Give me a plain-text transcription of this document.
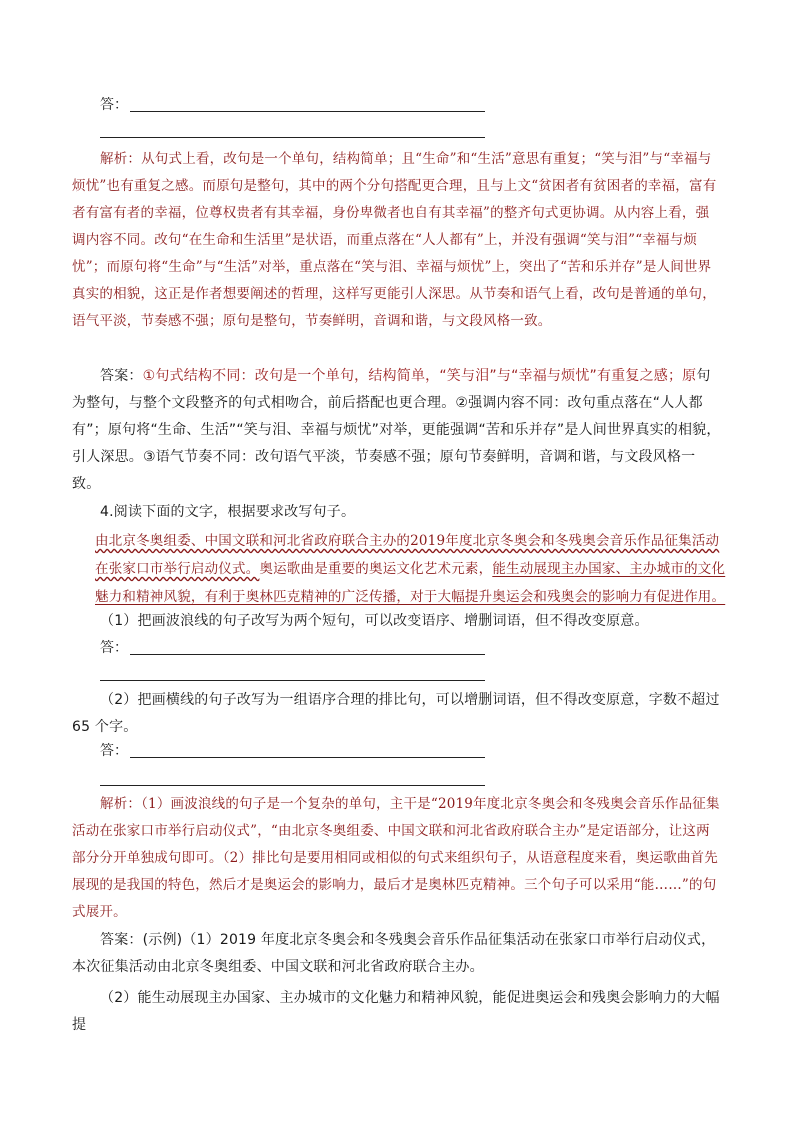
答：
解析：从句式上看，改句是一个单句，结构简单；且“生命”和“生活”意思有重复；“笑与泪”与“幸福与烦忧”也有重复之感。而原句是整句，其中的两个分句搭配更合理，且与上文“贫困者有贫困者的幸福，富有者有富有者的幸福，位尊权贵者有其幸福，身份卑微者也自有其幸福”的整齐句式更协调。从内容上看，强调内容不同。改句“在生命和生活里”是状语，而重点落在“人人都有”上，并没有强调“笑与泪”“幸福与烦忧”；而原句将“生命”与“生活”对举，重点落在“笑与泪、幸福与烦忧”上，突出了“苦和乐并存”是人间世界真实的相貌，这正是作者想要阐述的哲理，这样写更能引人深思。从节奏和语气上看，改句是普通的单句，语气平淡，节奏感不强；原句是整句，节奏鲜明，音调和谐，与文段风格一致。
答案：①句式结构不同：改句是一个单句，结构简单，“笑与泪”与“幸福与烦忧”有重复之感；原句为整句，与整个文段整齐的句式相吻合，前后搭配也更合理。②强调内容不同：改句重点落在“人人都有”；原句将“生命、生活”“笑与泪、幸福与烦忧”对举，更能强调“苦和乐并存”是人间世界真实的相貌，引人深思。③语气节奏不同：改句语气平淡，节奏感不强；原句节奏鲜明，音调和谐，与文段风格一致。
4.阅读下面的文字，根据要求改写句子。
由北京冬奥组委、中国文联和河北省政府联合主办的2019年度北京冬奥会和冬残奥会音乐作品征集活动在张家口市举行启动仪式。奥运歌曲是重要的奥运文化艺术元素，能生动展现主办国家、主办城市的文化魅力和精神风貌，有利于奥林匹克精神的广泛传播，对于大幅提升奥运会和残奥会的影响力有促进作用。
（1）把画波浪线的句子改写为两个短句，可以改变语序、增删词语，但不得改变原意。
答：
（2）把画横线的句子改写为一组语序合理的排比句，可以增删词语，但不得改变原意，字数不超过 65 个字。
答：
解析：（1）画波浪线的句子是一个复杂的单句，主干是“2019年度北京冬奥会和冬残奥会音乐作品征集活动在张家口市举行启动仪式”，“由北京冬奥组委、中国文联和河北省政府联合主办”是定语部分，让这两部分分开单独成句即可。（2）排比句是要用相同或相似的句式来组织句子，从语意程度来看，奥运歌曲首先展现的是我国的特色，然后才是奥运会的影响力，最后才是奥林匹克精神。三个句子可以采用“能……”的句式展开。
答案：(示例)（1）2019 年度北京冬奥会和冬残奥会音乐作品征集活动在张家口市举行启动仪式，本次征集活动由北京冬奥组委、中国文联和河北省政府联合主办。
（2）能生动展现主办国家、主办城市的文化魅力和精神风貌，能促进奥运会和残奥会影响力的大幅提
